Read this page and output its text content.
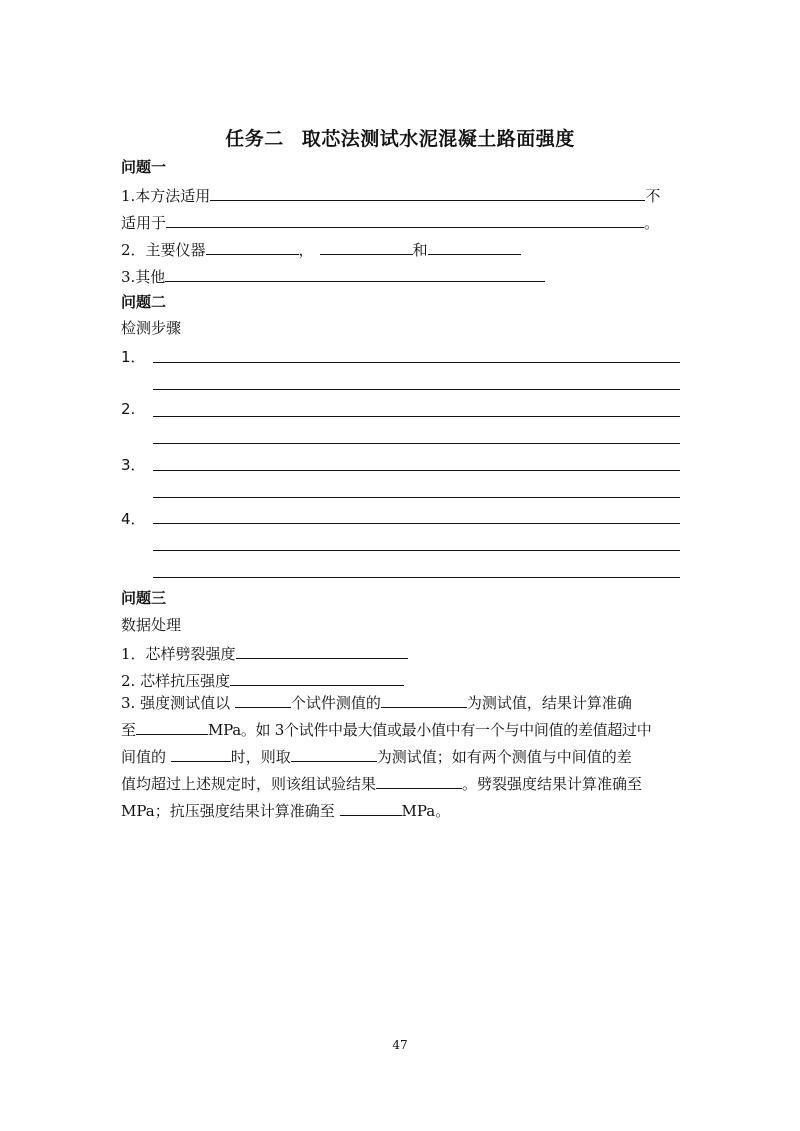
任务二 取芯法测试水泥混凝土路面强度
问题一
1.本方法适用	不
适用于	。
2．主要仪器	，	和
3.其他
问题二
检测步骤
1．
2.
3．
4．
问题三
数据处理
1．芯样劈裂强度
2. 芯样抗压强度
3. 强度测试值以	个试件测值的	为测试值，结果计算准确
至	MPa。如 3个试件中最大值或最小值中有一个与中间值的差值超过中
间值的	时，则取	为测试值；如有两个测值与中间值的差
值均超过上述规定时，则该组试验结果	。劈裂强度结果计算准确至
MPa；抗压强度结果计算准确至	MPa。
47
